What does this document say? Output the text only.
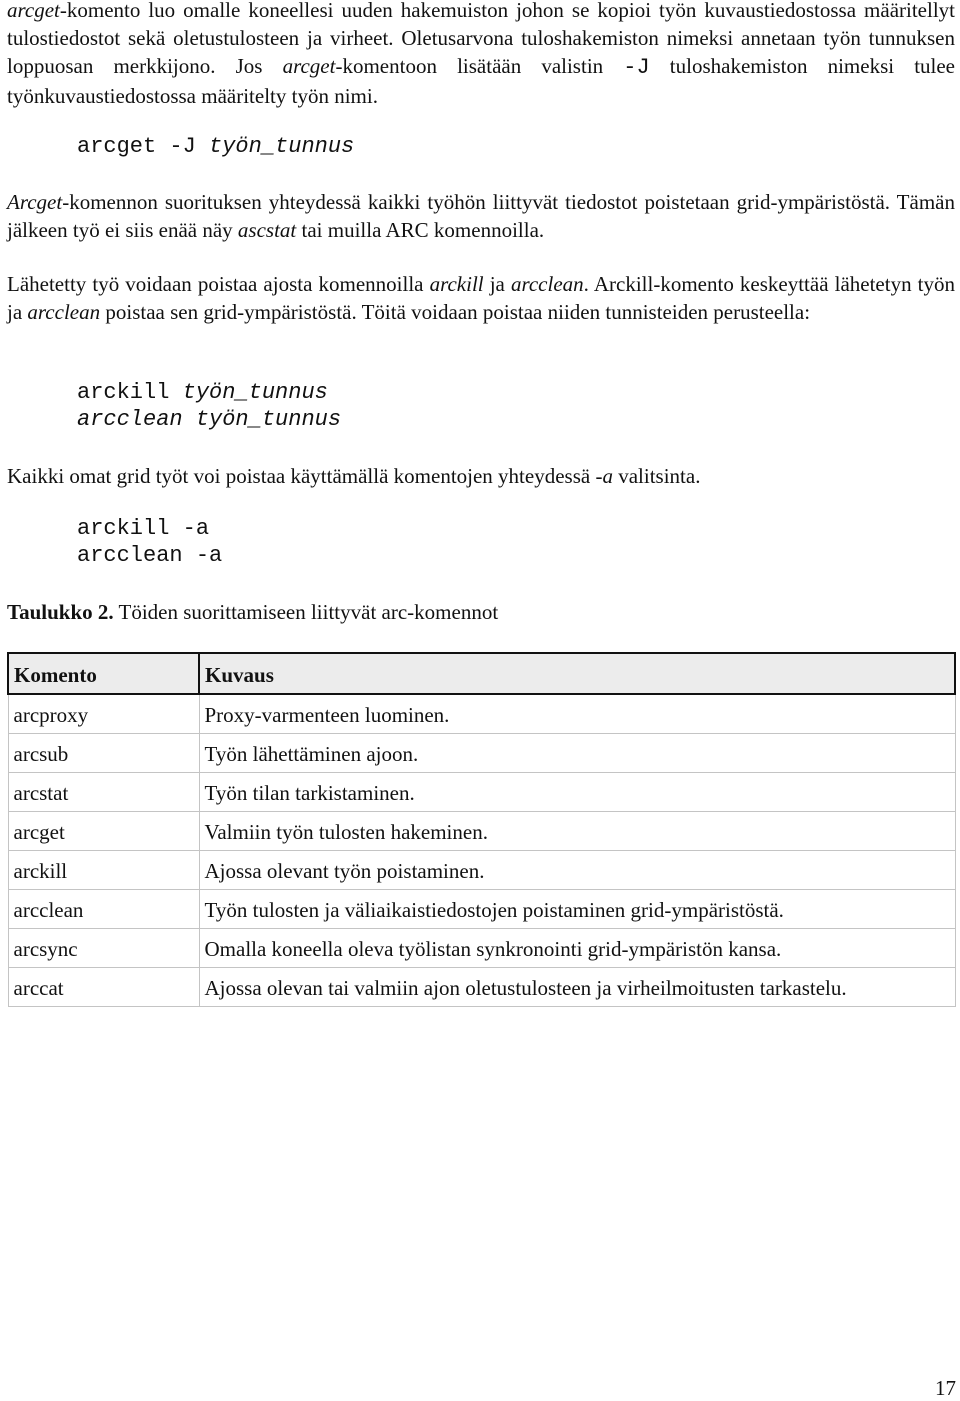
arcget-komento luo omalle koneellesi uuden hakemuiston johon se kopioi työn kuvaustiedostossa määritellyt tulostiedostot sekä oletustulosteen ja virheet. Oletusarvona tuloshakemiston nimeksi annetaan työn tunnuksen loppuosan merkkijono. Jos arcget-komentoon lisätään valistin -J tuloshakemiston nimeksi tulee työnkuvaustiedostossa määritelty työn nimi.

arcget -J työn_tunnus

Arcget-komennon suorituksen yhteydessä kaikki työhön liittyvät tiedostot poistetaan grid-ympäristöstä. Tämän jälkeen työ ei siis enää näy ascstat tai muilla ARC komennoilla.

Lähetetty työ voidaan poistaa ajosta komennoilla arckill ja arcclean. Arckill-komento keskeyttää lähetetyn työn ja arcclean poistaa sen grid-ympäristöstä. Töitä voidaan poistaa niiden tunnisteiden perusteella:

arckill työn_tunnus
arcclean työn_tunnus

Kaikki omat grid työt voi poistaa käyttämällä komentojen yhteydessä -a valitsinta.

arckill -a
arcclean -a
Taulukko 2. Töiden suorittamiseen liittyvät arc-komennot
Komento	Kuvaus
arcproxy	Proxy-varmenteen luominen.
arcsub	Työn lähettäminen ajoon.
arcstat	Työn tilan tarkistaminen.
arcget	Valmiin työn tulosten hakeminen.
arckill	Ajossa olevant työn poistaminen.
arcclean	Työn tulosten ja väliaikaistiedostojen poistaminen grid-ympäristöstä.
arcsync	Omalla koneella oleva työlistan synkronointi grid-ympäristön kansa.
arccat	Ajossa olevan tai valmiin ajon oletustulosteen ja virheilmoitusten tarkastelu.
17
